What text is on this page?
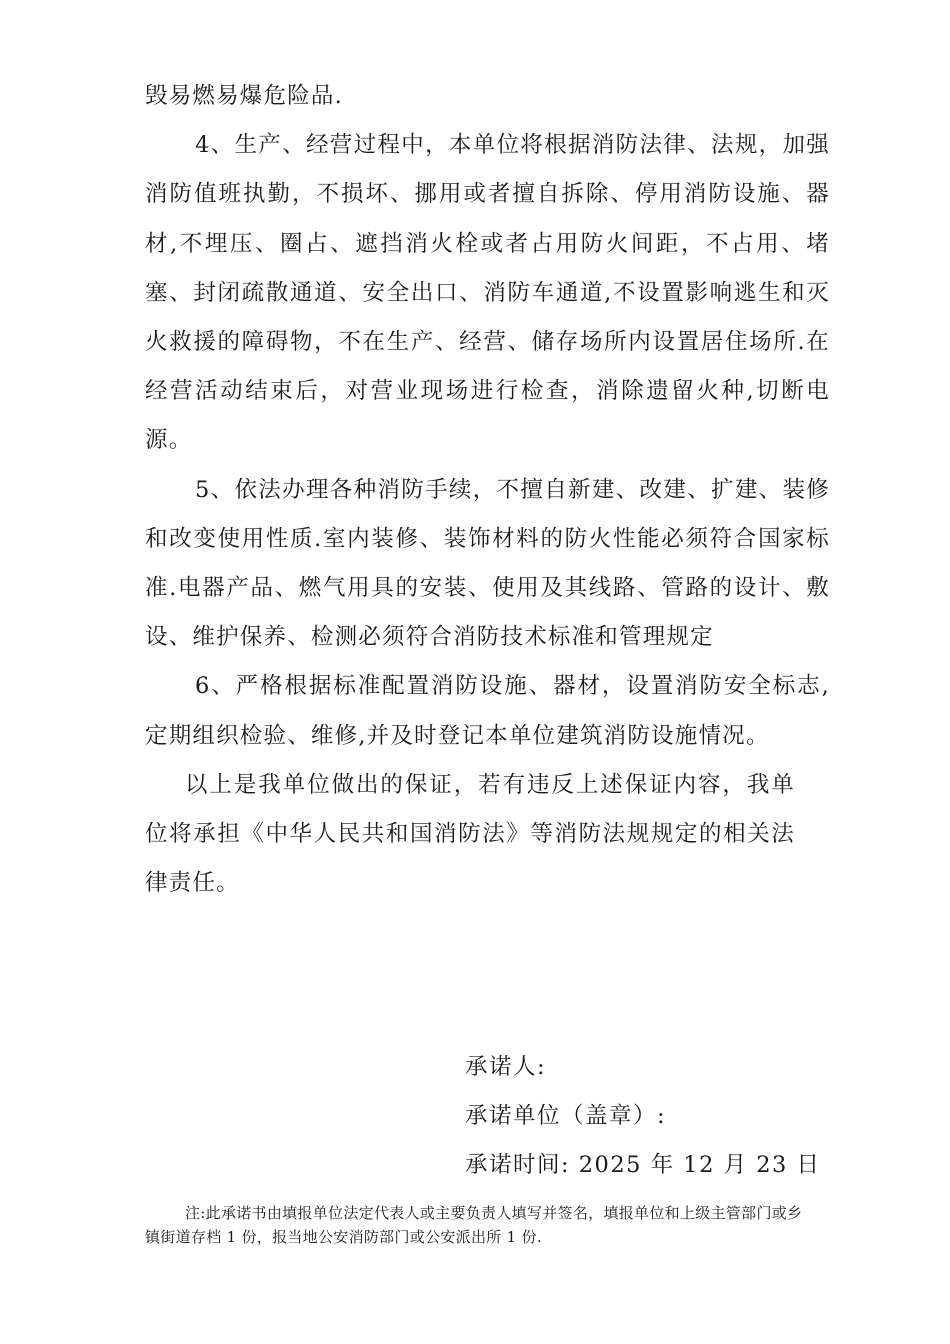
毁易燃易爆危险品.

4、生产、经营过程中，本单位将根据消防法律、法规，加强消防值班执勤，不损坏、挪用或者擅自拆除、停用消防设施、器材,不埋压、圈占、遮挡消火栓或者占用防火间距，不占用、堵塞、封闭疏散通道、安全出口、消防车通道,不设置影响逃生和灭火救援的障碍物，不在生产、经营、储存场所内设置居住场所.在经营活动结束后，对营业现场进行检查，消除遗留火种,切断电源。

5、依法办理各种消防手续，不擅自新建、改建、扩建、装修和改变使用性质.室内装修、装饰材料的防火性能必须符合国家标准.电器产品、燃气用具的安装、使用及其线路、管路的设计、敷设、维护保养、检测必须符合消防技术标准和管理规定

6、严格根据标准配置消防设施、器材，设置消防安全标志,定期组织检验、维修,并及时登记本单位建筑消防设施情况。

以上是我单位做出的保证，若有违反上述保证内容，我单位将承担《中华人民共和国消防法》等消防法规规定的相关法律责任。

承诺人:
承诺单位（盖章）:
承诺时间: 2025 年 12 月 23 日
注:此承诺书由填报单位法定代表人或主要负责人填写并签名，填报单位和上级主管部门或乡镇街道存档 1 份，报当地公安消防部门或公安派出所 1 份.
